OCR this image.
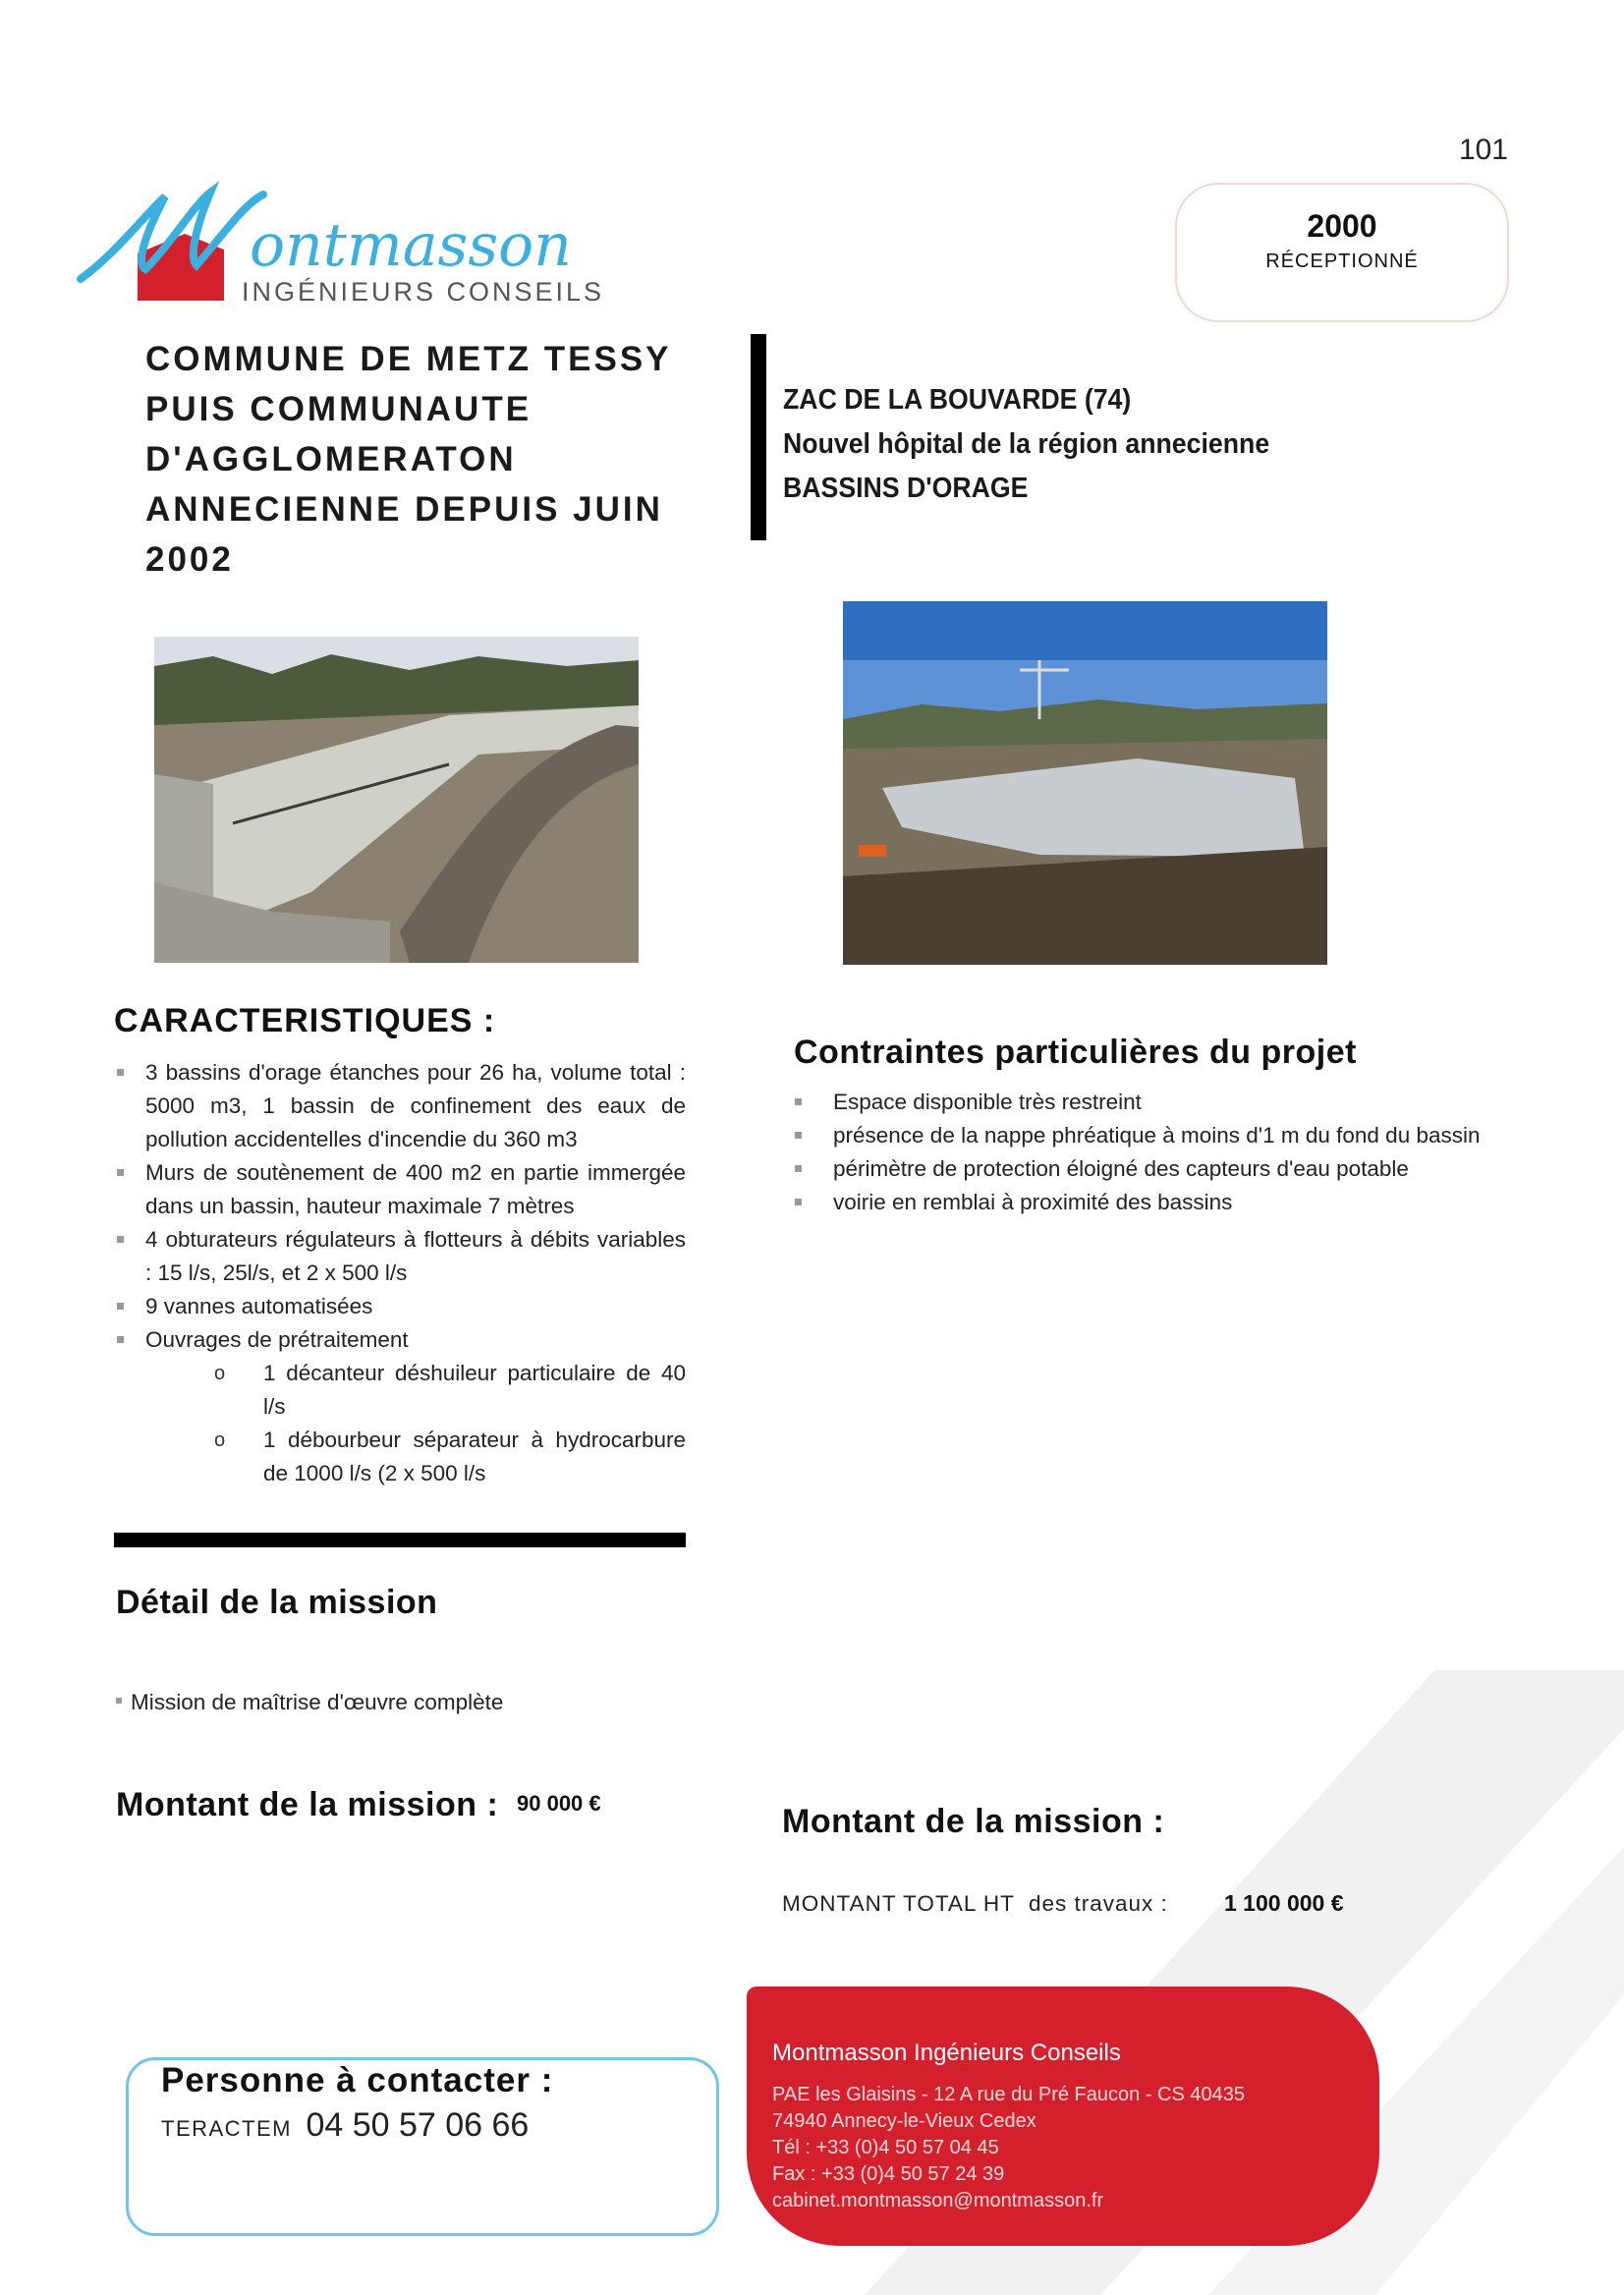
101
ontmasson
INGÉNIEURS CONSEILS
2000
RÉCEPTIONNÉ
COMMUNE DE METZ TESSY
PUIS COMMUNAUTE
D'AGGLOMERATON
ANNECIENNE DEPUIS JUIN
2002
ZAC DE LA BOUVARDE (74)
Nouvel hôpital de la région annecienne
BASSINS D'ORAGE
CARACTERISTIQUES :
3 bassins d'orage étanches pour 26 ha, volume total : 5000 m3, 1 bassin de confinement des eaux de pollution accidentelles d'incendie du 360 m3
Murs de soutènement de 400 m2 en partie immergée dans un bassin, hauteur maximale 7 mètres
4 obturateurs régulateurs à flotteurs à débits variables : 15 l/s, 25l/s, et 2 x 500 l/s
9 vannes automatisées
Ouvrages de prétraitement
o 1 décanteur déshuileur particulaire de 40 l/s
o 1 débourbeur séparateur à hydrocarbure de 1000 l/s (2 x 500 l/s
Contraintes particulières du projet
Espace disponible très restreint
présence de la nappe phréatique à moins d'1 m du fond du bassin
périmètre de protection éloigné des capteurs d'eau potable
voirie en remblai à proximité des bassins
Détail de la mission
Mission de maîtrise d'œuvre complète
Montant de la mission : 90 000 €	Montant de la mission :
MONTANT TOTAL HT  des travaux : 1 100 000 €
Personne à contacter :
TERACTEM 04 50 57 06 66
Montmasson Ingénieurs Conseils
PAE les Glaisins - 12 A rue du Pré Faucon - CS 40435
74940 Annecy-le-Vieux Cedex
Tél : +33 (0)4 50 57 04 45
Fax : +33 (0)4 50 57 24 39
cabinet.montmasson@montmasson.fr
